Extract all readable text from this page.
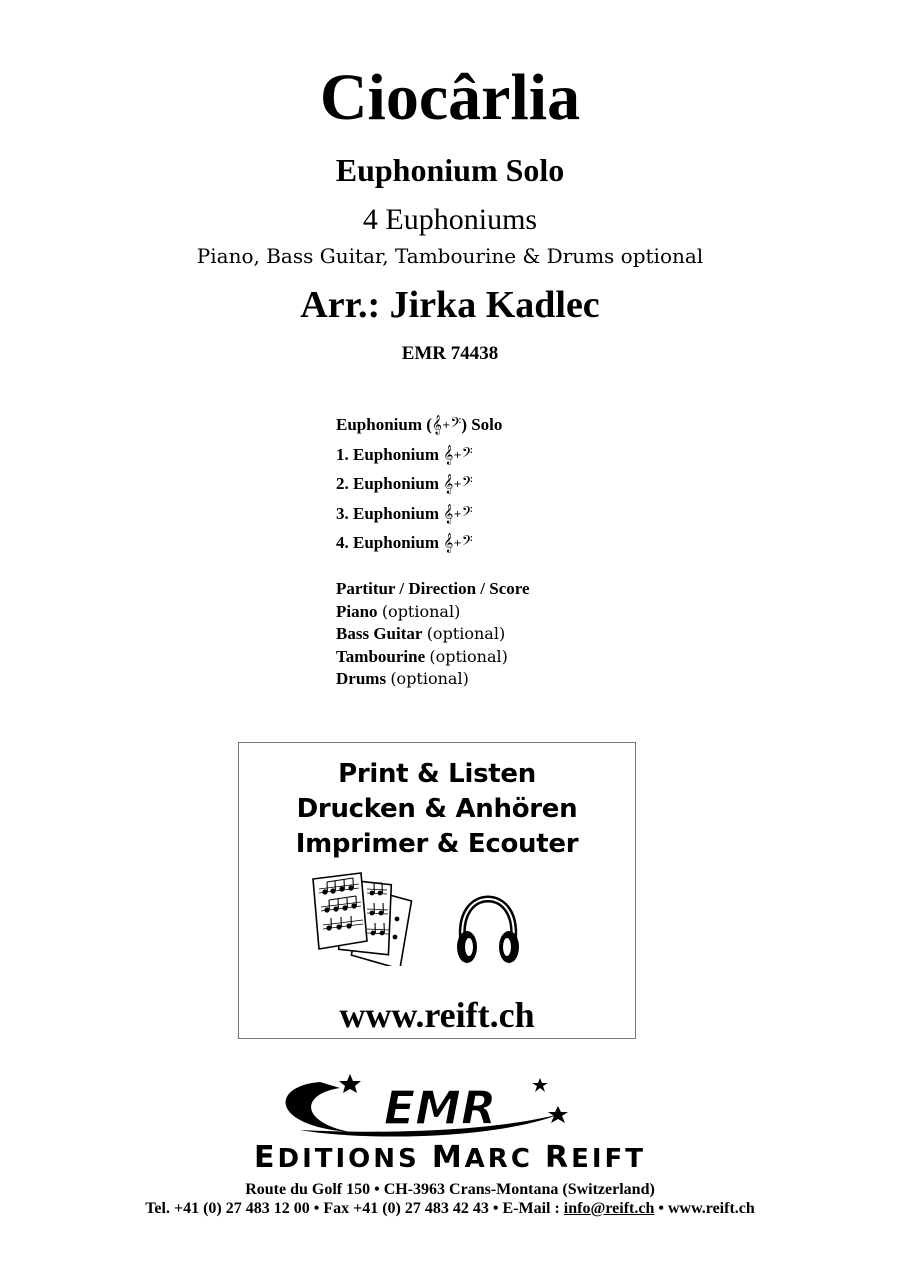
Ciocârlia
Euphonium Solo
4 Euphoniums
Piano, Bass Guitar, Tambourine & Drums optional
Arr.: Jirka Kadlec
EMR 74438
Euphonium (𝄞+𝄢) Solo
1. Euphonium 𝄞+𝄢
2. Euphonium 𝄞+𝄢
3. Euphonium 𝄞+𝄢
4. Euphonium 𝄞+𝄢
Partitur / Direction / Score
Piano (optional)
Bass Guitar (optional)
Tambourine (optional)
Drums (optional)
Print & Listen
Drucken & Anhören
Imprimer & Ecouter
www.reift.ch
EMR
EDITIONS MARC REIFT
Route du Golf 150 • CH-3963 Crans-Montana (Switzerland)
Tel. +41 (0) 27 483 12 00 • Fax +41 (0) 27 483 42 43 • E-Mail : info@reift.ch • www.reift.ch
